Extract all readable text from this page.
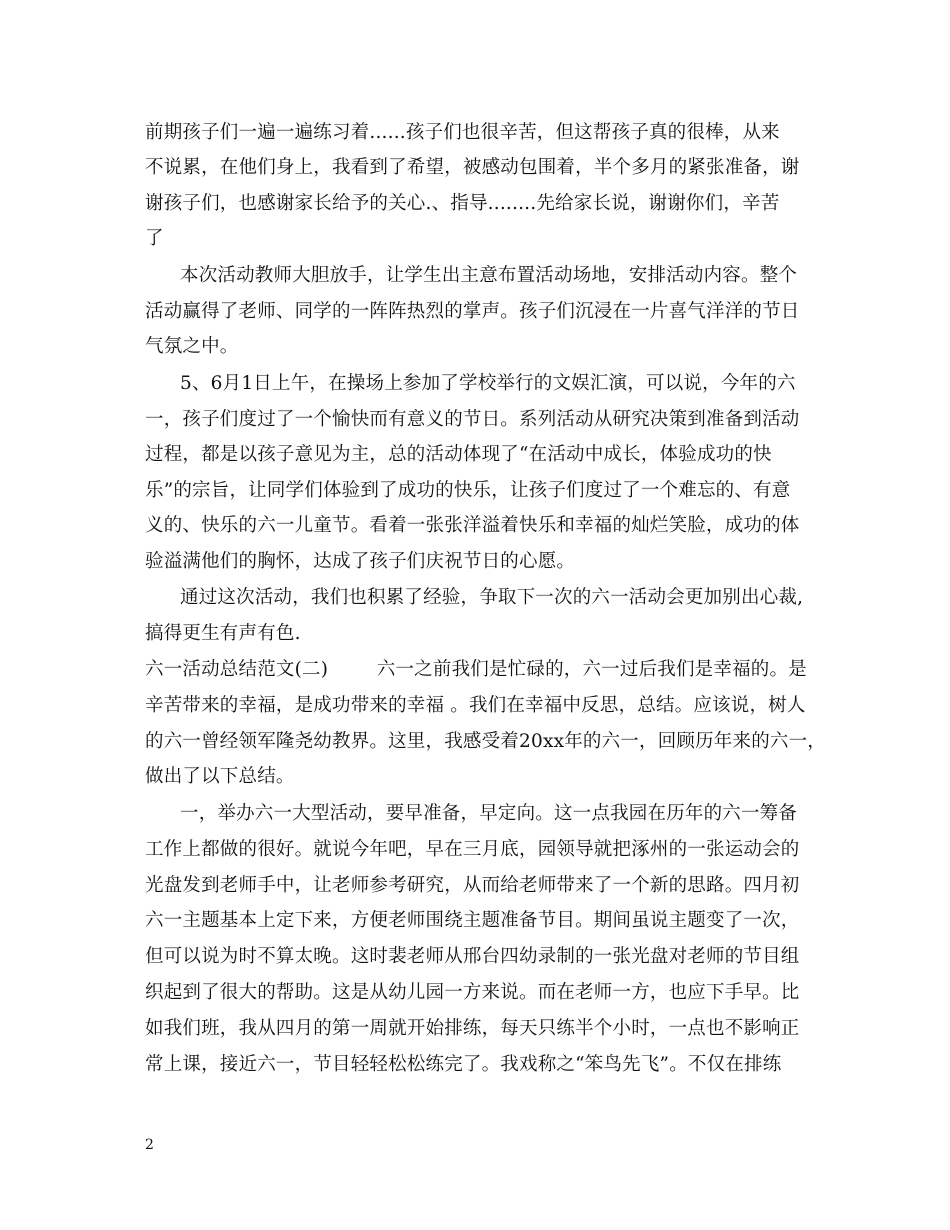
前期孩子们一遍一遍练习着......孩子们也很辛苦，但这帮孩子真的很棒，从来
不说累，在他们身上，我看到了希望，被感动包围着，半个多月的紧张准备，谢
谢孩子们，也感谢家长给予的关心.、指导........先给家长说，谢谢你们，辛苦
了
本次活动教师大胆放手，让学生出主意布置活动场地，安排活动内容。整个
活动赢得了老师、同学的一阵阵热烈的掌声。孩子们沉浸在一片喜气洋洋的节日
气氛之中。
5、6月1日上午，在操场上参加了学校举行的文娱汇演，可以说，今年的六
一，孩子们度过了一个愉快而有意义的节日。系列活动从研究决策到准备到活动
过程，都是以孩子意见为主，总的活动体现了“在活动中成长，体验成功的快
乐”的宗旨，让同学们体验到了成功的快乐，让孩子们度过了一个难忘的、有意
义的、快乐的六一儿童节。看着一张张洋溢着快乐和幸福的灿烂笑脸，成功的体
验溢满他们的胸怀，达成了孩子们庆祝节日的心愿。
通过这次活动，我们也积累了经验，争取下一次的六一活动会更加别出心裁,
搞得更生有声有色.
六一活动总结范文(二)        六一之前我们是忙碌的，六一过后我们是幸福的。是
辛苦带来的幸福，是成功带来的幸福 。我们在幸福中反思，总结。应该说，树人
的六一曾经领军隆尧幼教界。这里，我感受着20xx年的六一，回顾历年来的六一，
做出了以下总结。
一，举办六一大型活动，要早准备，早定向。这一点我园在历年的六一筹备
工作上都做的很好。就说今年吧，早在三月底，园领导就把涿州的一张运动会的
光盘发到老师手中，让老师参考研究，从而给老师带来了一个新的思路。四月初
六一主题基本上定下来，方便老师围绕主题准备节目。期间虽说主题变了一次，
但可以说为时不算太晚。这时裴老师从邢台四幼录制的一张光盘对老师的节目组
织起到了很大的帮助。这是从幼儿园一方来说。而在老师一方，也应下手早。比
如我们班，我从四月的第一周就开始排练，每天只练半个小时，一点也不影响正
常上课，接近六一，节目轻轻松松练完了。我戏称之“笨鸟先飞”。不仅在排练
2
